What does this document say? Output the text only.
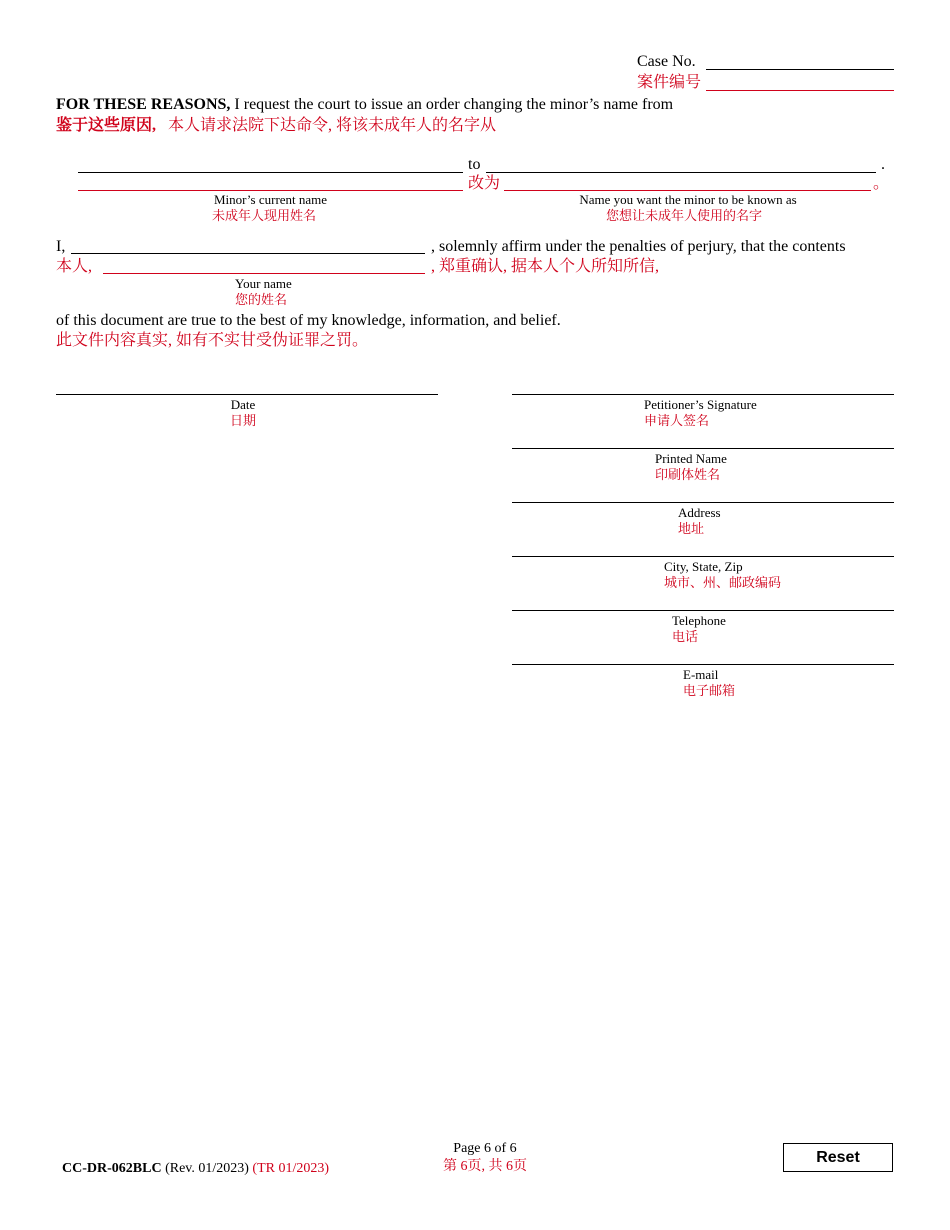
Case No.
案件编号
FOR THESE REASONS, I request the court to issue an order changing the minor’s name from
鉴于这些原因, 本人请求法院下达命令, 将该未成年人的名字从
to	.
改为	。
Minor’s current name
未成年人现用姓名
Name you want the minor to be known as
您想让未成年人使用的名字
I,	, solemnly affirm under the penalties of perjury, that the contents
本人,	, 郑重确认, 据本人个人所知所信,
Your name
您的姓名
of this document are true to the best of my knowledge, information, and belief.
此文件内容真实, 如有不实甘受伪证罪之罚。
Date
日期
Petitioner’s Signature
申请人签名
Printed Name
印刷体姓名
Address
地址
City, State, Zip
城市、州、邮政编码
Telephone
电话
E-mail
电子邮箱
CC-DR-062BLC (Rev. 01/2023) (TR 01/2023)
Page 6 of 6
第 6页, 共 6页
Reset
